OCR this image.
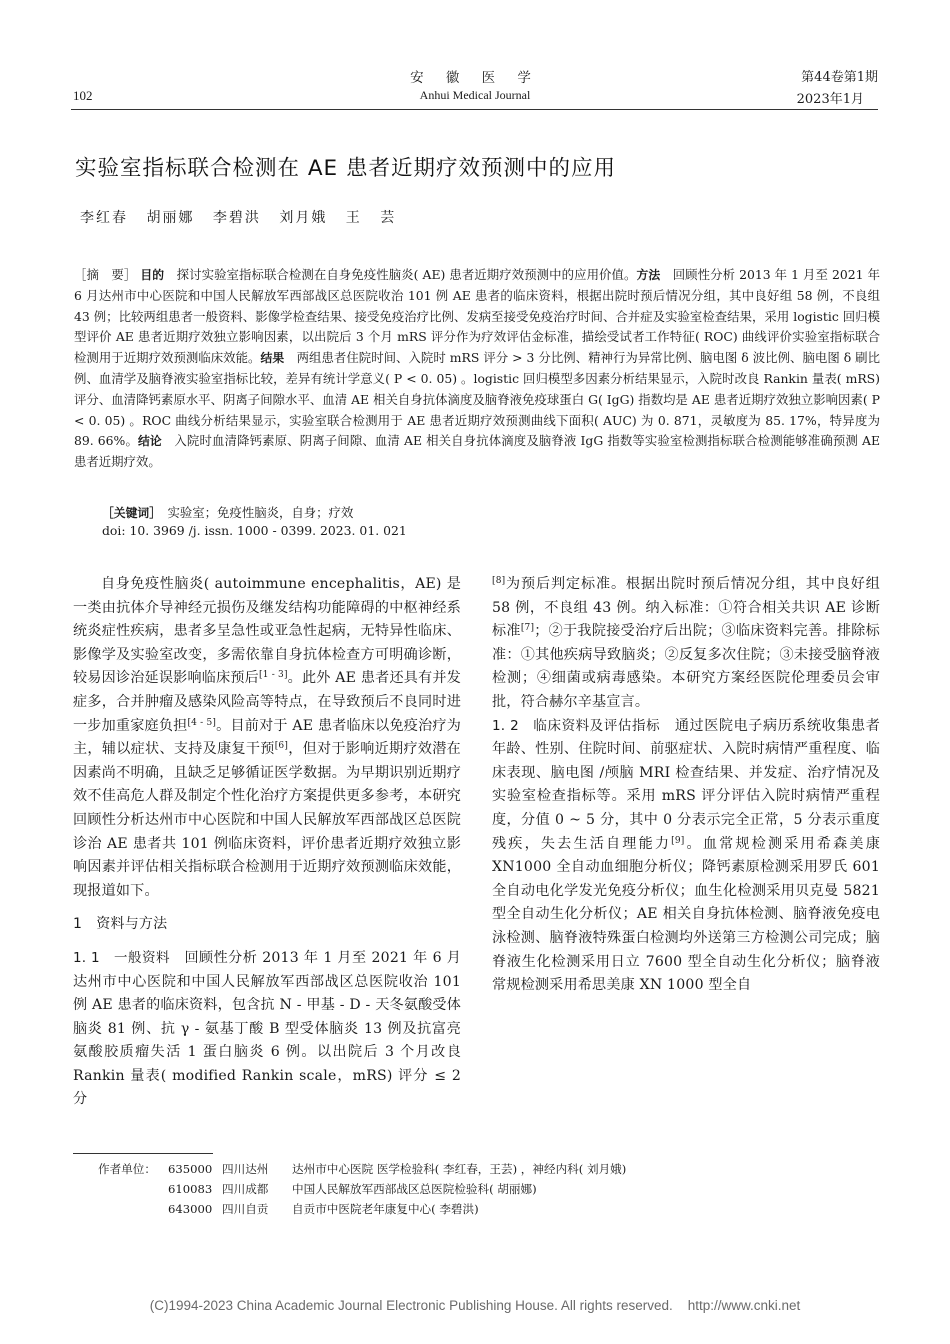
安 徽 医 学
Anhui Medical Journal
102
第44卷第1期
2023年1月
实验室指标联合检测在 AE 患者近期疗效预测中的应用
李红春 胡丽娜 李碧洪 刘月娥 王 芸
［摘　要］ 目的　探讨实验室指标联合检测在自身免疫性脑炎( AE) 患者近期疗效预测中的应用价值。方法　回顾性分析 2013 年 1 月至 2021 年 6 月达州市中心医院和中国人民解放军西部战区总医院收治 101 例 AE 患者的临床资料，根据出院时预后情况分组，其中良好组 58 例，不良组 43 例；比较两组患者一般资料、影像学检查结果、接受免疫治疗比例、发病至接受免疫治疗时间、合并症及实验室检查结果，采用 logistic 回归模型评价 AE 患者近期疗效独立影响因素，以出院后 3 个月 mRS 评分作为疗效评估金标准，描绘受试者工作特征( ROC) 曲线评价实验室指标联合检测用于近期疗效预测临床效能。结果　两组患者住院时间、入院时 mRS 评分 > 3 分比例、精神行为异常比例、脑电图 δ 波比例、脑电图 δ 刷比例、血清学及脑脊液实验室指标比较，差异有统计学意义( P < 0. 05) 。logistic 回归模型多因素分析结果显示，入院时改良 Rankin 量表( mRS) 评分、血清降钙素原水平、阴离子间隙水平、血清 AE 相关自身抗体滴度及脑脊液免疫球蛋白 G( IgG) 指数均是 AE 患者近期疗效独立影响因素( P < 0. 05) 。ROC 曲线分析结果显示，实验室联合检测用于 AE 患者近期疗效预测曲线下面积( AUC) 为 0. 871，灵敏度为 85. 17%，特异度为 89. 66%。结论　入院时血清降钙素原、阴离子间隙、血清 AE 相关自身抗体滴度及脑脊液 IgG 指数等实验室检测指标联合检测能够准确预测 AE 患者近期疗效。
［关键词］　实验室；免疫性脑炎，自身；疗效
doi: 10. 3969 /j. issn. 1000 - 0399. 2023. 01. 021

自身免疫性脑炎( autoimmune encephalitis，AE) 是一类由抗体介导神经元损伤及继发结构功能障碍的中枢神经系统炎症性疾病，患者多呈急性或亚急性起病，无特异性临床、影像学及实验室改变，多需依靠自身抗体检查方可明确诊断，较易因诊治延误影响临床预后[1 - 3]。此外 AE 患者还具有并发症多，合并肿瘤及感染风险高等特点，在导致预后不良同时进一步加重家庭负担[4 - 5]。目前对于 AE 患者临床以免疫治疗为主，辅以症状、支持及康复干预[6]，但对于影响近期疗效潜在因素尚不明确，且缺乏足够循证医学数据。为早期识别近期疗效不佳高危人群及制定个性化治疗方案提供更多参考，本研究回顾性分析达州市中心医院和中国人民解放军西部战区总医院诊治 AE 患者共 101 例临床资料，评价患者近期疗效独立影响因素并评估相关指标联合检测用于近期疗效预测临床效能，现报道如下。

1　资料与方法

1. 1　一般资料　回顾性分析 2013 年 1 月至 2021 年 6 月达州市中心医院和中国人民解放军西部战区总医院收治 101 例 AE 患者的临床资料，包含抗 N - 甲基 - D - 天冬氨酸受体脑炎 81 例、抗 γ - 氨基丁酸 B 型受体脑炎 13 例及抗富亮氨酸胶质瘤失活 1 蛋白脑炎 6 例。以出院后 3 个月改良 Rankin 量表( modified Rankin scale，mRS) 评分 ≤ 2 分

[8]为预后判定标准。根据出院时预后情况分组，其中良好组 58 例，不良组 43 例。纳入标准：①符合相关共识 AE 诊断标准[7]；②于我院接受治疗后出院；③临床资料完善。排除标准：①其他疾病导致脑炎；②反复多次住院；③未接受脑脊液检测；④细菌或病毒感染。本研究方案经医院伦理委员会审批，符合赫尔辛基宣言。

1. 2　临床资料及评估指标　通过医院电子病历系统收集患者年龄、性别、住院时间、前驱症状、入院时病情严重程度、临床表现、脑电图 /颅脑 MRI 检查结果、并发症、治疗情况及实验室检查指标等。采用 mRS 评分评估入院时病情严重程度，分值 0 ~ 5 分，其中 0 分表示完全正常，5 分表示重度残疾，失去生活自理能力[9]。血常规检测采用希森美康 XN1000 全自动血细胞分析仪；降钙素原检测采用罗氏 601 全自动电化学发光免疫分析仪；血生化检测采用贝克曼 5821 型全自动生化分析仪；AE 相关自身抗体检测、脑脊液免疫电泳检测、脑脊液特殊蛋白检测均外送第三方检测公司完成；脑脊液生化检测采用日立 7600 型全自动生化分析仪；脑脊液常规检测采用希思美康 XN 1000 型全自

作者单位： 635000 四川达州 达州市中心医院 医学检验科( 李红春，王芸) ，神经内科( 刘月娥)
610083 四川成都 中国人民解放军西部战区总医院检验科( 胡丽娜)
643000 四川自贡 自贡市中医院老年康复中心( 李碧洪)
(C)1994-2023 China Academic Journal Electronic Publishing House. All rights reserved.    http://www.cnki.net
